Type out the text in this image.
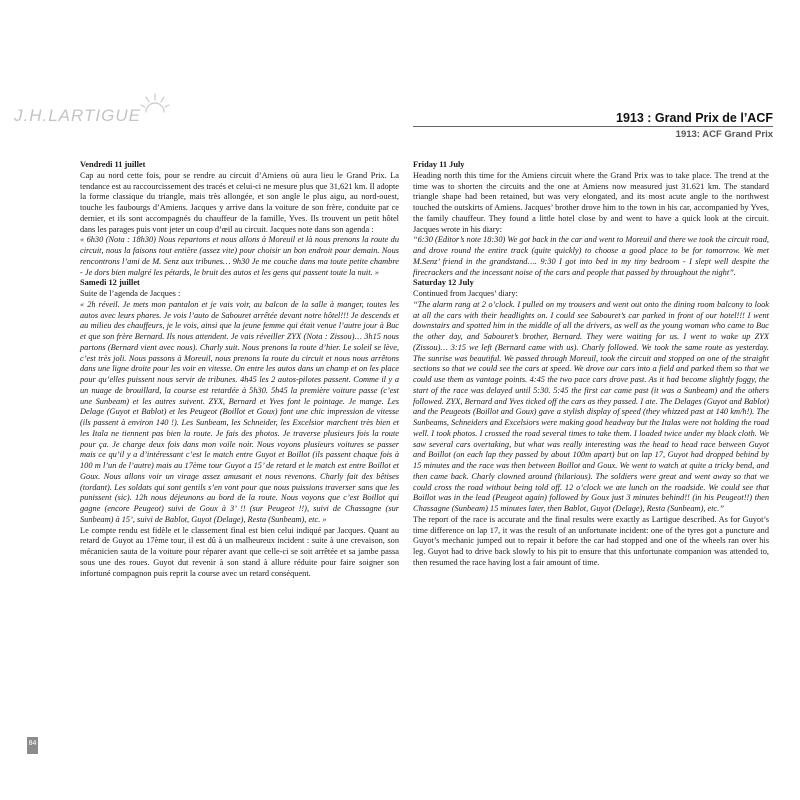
J.H.LARTIGUE	1913 : Grand Prix de l’ACF
1913: ACF Grand Prix

Vendredi 11 juillet

Cap au nord cette fois, pour se rendre au circuit d’Amiens où aura lieu le Grand Prix. La tendance est au raccourcissement des tracés et celui-ci ne mesure plus que 31,621 km. Il adopte la forme classique du triangle, mais très allongée, et son angle le plus aigu, au nord-ouest, touche les faubourgs d’Amiens. Jacques y arrive dans la voiture de son frère, conduite par ce dernier, et ils sont accompagnés du chauffeur de la famille, Yves. Ils trouvent un petit hôtel dans les parages puis vont jeter un coup d’œil au circuit. Jacques note dans son agenda :

« 6h30 (Nota : 18h30) Nous repartons et nous allons à Moreuil et là nous prenons la route du circuit, nous la faisons tout entière (assez vite) pour choisir un bon endroit pour demain. Nous rencontrons l’ami de M. Senz aux tribunes… 9h30 Je me couche dans ma toute petite chambre - Je dors bien malgré les pétards, le bruit des autos et les gens qui passent toute la nuit. »

Samedi 12 juillet

Suite de l’agenda de Jacques :

« 2h réveil. Je mets mon pantalon et je vais voir, au balcon de la salle à manger, toutes les autos avec leurs phares. Je vois l’auto de Sabouret arrêtée devant notre hôtel!!! Je descends et au milieu des chauffeurs, je le vois, ainsi que la jeune femme qui était venue l’autre jour à Buc et que son frère Bernard. Ils nous attendent. Je vais réveiller ZYX (Nota : Zissou)… 3h15 nous partons (Bernard vient avec nous). Charly suit. Nous prenons la route d’hier. Le soleil se lève, c’est très joli. Nous passons à Moreuil, nous prenons la route du circuit et nous nous arrêtons dans une ligne droite pour les voir en vitesse. On entre les autos dans un champ et on les place pour qu’elles puissent nous servir de tribunes. 4h45 les 2 autos-pilotes passent. Comme il y a un nuage de brouillard, la course est retardée à 5h30. 5h45 la première voiture passe (c’est une Sunbeam) et les autres suivent. ZYX, Bernard et Yves font le pointage. Je mange. Les Delage (Guyot et Bablot) et les Peugeot (Boillot et Goux) font une chic impression de vitesse (ils passent à environ 140 !). Les Sunbeam, les Schneider, les Excelsior marchent très bien et les Itala ne tiennent pas bien la route. Je fais des photos. Je traverse plusieurs fois la route pour ça. Je charge deux fois dans mon voile noir. Nous voyons plusieurs voitures se passer mais ce qu’il y a d’intéressant c’est le match entre Guyot et Boillot (ils passent chaque fois à 100 m l’un de l’autre) mais au 17ème tour Guyot a 15’ de retard et le match est entre Boillot et Goux. Nous allons voir un virage assez amusant et nous revenons. Charly fait des bêtises (tordant). Les soldats qui sont gentils s’en vont pour que nous puissions traverser sans que les punissent (sic). 12h nous déjeunons au bord de la route. Nous voyons que c’est Boillot qui gagne (encore Peugeot) suivi de Goux à 3’ !! (sur Peugeot !!), suivi de Chassagne (sur Sunbeam) à 15’, suivi de Bablot, Guyot (Delage), Resta (Sunbeam), etc. »

Le compte rendu est fidèle et le classement final est bien celui indiqué par Jacques. Quant au retard de Guyot au 17ème tour, il est dû à un malheureux incident : suite à une crevaison, son mécanicien sauta de la voiture pour réparer avant que celle-ci se soit arrêtée et sa jambe passa sous une des roues. Guyot dut revenir à son stand à allure réduite pour faire soigner son infortuné compagnon puis reprit la course avec un retard conséquent.

Friday 11 July

Heading north this time for the Amiens circuit where the Grand Prix was to take place. The trend at the time was to shorten the circuits and the one at Amiens now measured just 31.621 km. The standard triangle shape had been retained, but was very elongated, and its most acute angle to the northwest touched the outskirts of Amiens. Jacques’ brother drove him to the town in his car, accompanied by Yves, the family chauffeur. They found a little hotel close by and went to have a quick look at the circuit. Jacques wrote in his diary:

“6:30 (Editor’s note 18:30) We got back in the car and went to Moreuil and there we took the circuit road, and drove round the entire track (quite quickly) to choose a good place to be for tomorrow. We met M.Senz’ friend in the grandstand…. 9:30 I got into bed in my tiny bedroom - I slept well despite the firecrackers and the incessant noise of the cars and people that passed by throughout the night”.

Saturday 12 July

Continued from Jacques’ diary:

“The alarm rang at 2 o’clock. I pulled on my trousers and went out onto the dining room balcony to look at all the cars with their headlights on. I could see Sabouret’s car parked in front of our hotel!!! I went downstairs and spotted him in the middle of all the drivers, as well as the young woman who came to Buc the other day, and Sabouret’s brother, Bernard. They were waiting for us. I went to wake up ZYX (Zissou)… 3:15 we left (Bernard came with us). Charly followed. We took the same route as yesterday. The sunrise was beautiful. We passed through Moreuil, took the circuit and stopped on one of the straight sections so that we could see the cars at speed. We drove our cars into a field and parked them so that we could use them as vantage points. 4:45 the two pace cars drove past. As it had become slightly foggy, the start of the race was delayed until 5:30. 5:45 the first car came past (it was a Sunbeam) and the others followed. ZYX, Bernard and Yves ticked off the cars as they passed. I ate. The Delages (Guyot and Bablot) and the Peugeots (Boillot and Goux) gave a stylish display of speed (they whizzed past at 140 km/h!). The Sunbeams, Schneiders and Excelsiors were making good headway but the Italas were not holding the road well. I took photos. I crossed the road several times to take them. I loaded twice under my black cloth. We saw several cars overtaking, but what was really interesting was the head to head race between Guyot and Boillot (on each lap they passed by about 100m apart) but on lap 17, Guyot had dropped behind by 15 minutes and the race was then between Boillot and Goux. We went to watch at quite a tricky bend, and then came back. Charly clowned around (hilarious). The soldiers were great and went away so that we could cross the road without being told off. 12 o’clock we ate lunch on the roadside. We could see that Boillot was in the lead (Peugeot again) followed by Goux just 3 minutes behind!! (in his Peugeot!!) then Chassagne (Sunbeam) 15 minutes later, then Bablot, Guyot (Delage), Resta (Sunbeam), etc.”

The report of the race is accurate and the final results were exactly as Lartigue described. As for Guyot’s time difference on lap 17, it was the result of an unfortunate incident: one of the tyres got a puncture and Guyot’s mechanic jumped out to repair it before the car had stopped and one of the wheels ran over his leg. Guyot had to drive back slowly to his pit to ensure that this unfortunate companion was attended to, then resumed the race having lost a fair amount of time.

84
